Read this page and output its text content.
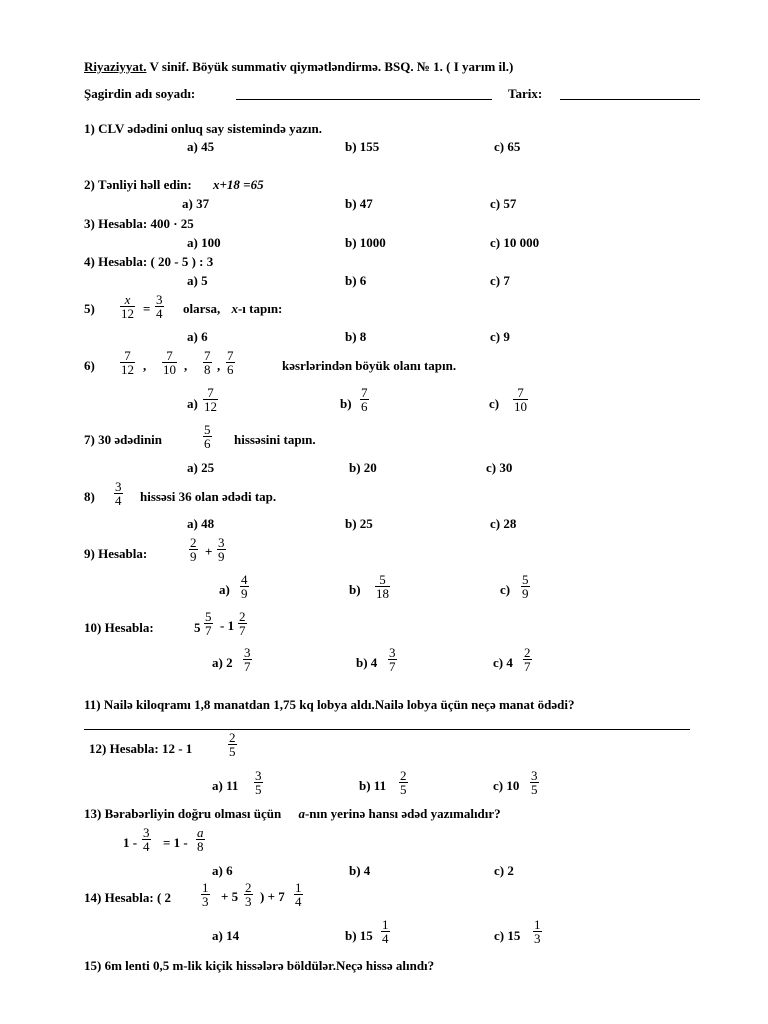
Riyaziyyat. V sinif. Böyük summativ qiymətləndirmə. BSQ. № 1. ( I yarım il.)
Şagirdin adı soyadı:	Tarix:
1) CLV ədədini onluq say sistemində yazın.
a) 45	b) 155	c) 65
2) Tənliyi həll edin: x+18 =65
a) 37	b) 47	c) 57
3) Hesabla: 400 · 25
a) 100	b) 1000	c) 10 000
4) Hesabla: ( 20 - 5 ) : 3
a) 5	b) 6	c) 7
$5) \frac{x}{12} = \frac{3}{4}$ olarsa, x-ı tapın:
a) 6	b) 8	c) 9
$6) \frac{7}{12}$ , $\frac{7}{10}$ , $\frac{7}{8}$ , $\frac{7}{6}$	kəsrlərindən böyük olanı tapın.
$a) \frac{7}{12}$	$b) \frac{7}{6}$	$c) \frac{7}{10}$
7) 30 ədədinin	$\frac{5}{6}$ hissəsini tapın.
a) 25	b) 20	c) 30
$8) \frac{3}{4}$ hissəsi 36 olan ədədi tap.
a) 48	b) 25	c) 28
9) Hesabla:	$\frac{2}{9} + \frac{3}{9}$
$a) \frac{4}{9}$	$b) \frac{5}{18}$	$c) \frac{5}{9}$
10) Hesabla:	$5 \frac{5}{7} - 1 \frac{2}{7}$
a) $2 \frac{3}{7}$	b) $4 \frac{3}{7}$	c) $4 \frac{2}{7}$
11) Nailə kiloqramı 1,8 manatdan 1,75 kq lobya aldı.Nailə lobya üçün neçə manat ödədi?
12) Hesabla: 12 - 1	$\frac{2}{5}$
a) $11 \frac{3}{5}$	b) $11 \frac{2}{5}$	c) $10 \frac{3}{5}$
13) Bərabərliyin doğru olması üçün a-nın yerinə hansı ədəd yazımalıdır?
$1 - \frac{3}{4} = 1 - \frac{a}{8}$
a) 6	b) 4	c) 2
14) Hesabla: ( $2 \frac{1}{3} + 5 \frac{2}{3}$ ) + $7 \frac{1}{4}$
a) 14	b) $15 \frac{1}{4}$	c) $15 \frac{1}{3}$
15) 6m lenti 0,5 m-lik kiçik hissələrə böldülər.Neçə hissə alındı?
